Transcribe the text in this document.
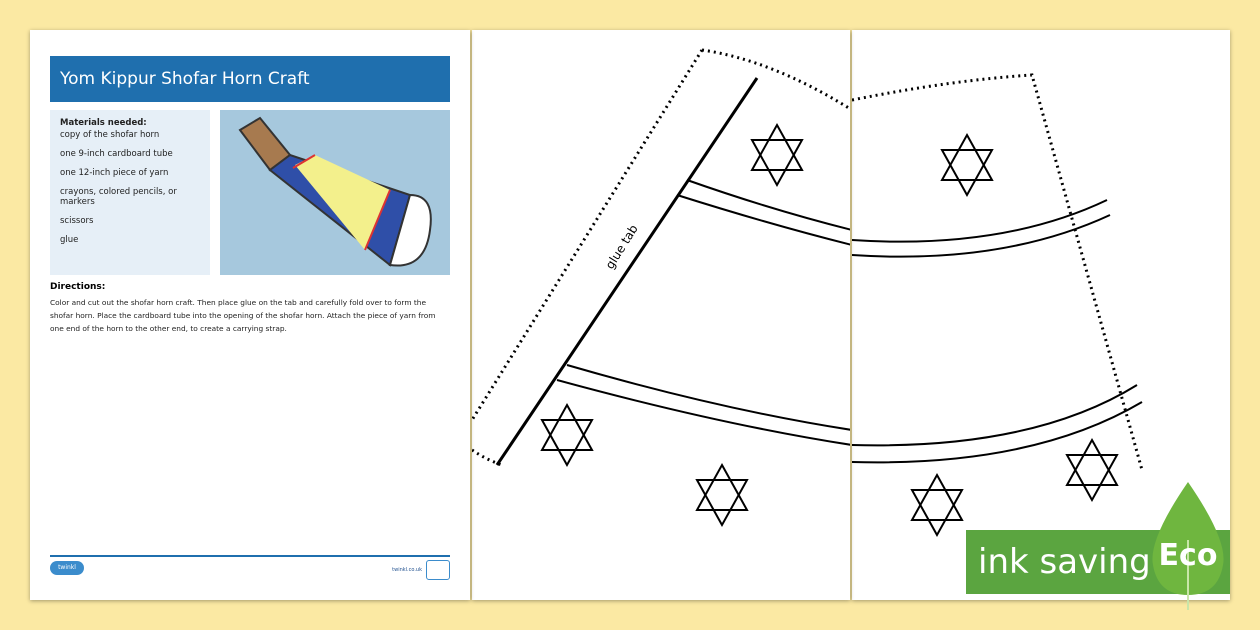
Yom Kippur Shofar Horn Craft
Materials needed:
copy of the shofar horn
one 9-inch cardboard tube
one 12-inch piece of yarn
crayons, colored pencils, or markers
scissors
glue
Directions:
Color and cut out the shofar horn craft. Then place glue on the tab and carefully fold over to form the shofar horn. Place the cardboard tube into the opening of the shofar horn. Attach the piece of yarn from one end of the horn to the other end, to create a carrying strap.
twinkl	twinkl.co.uk
glue tab
ink saving Eco
